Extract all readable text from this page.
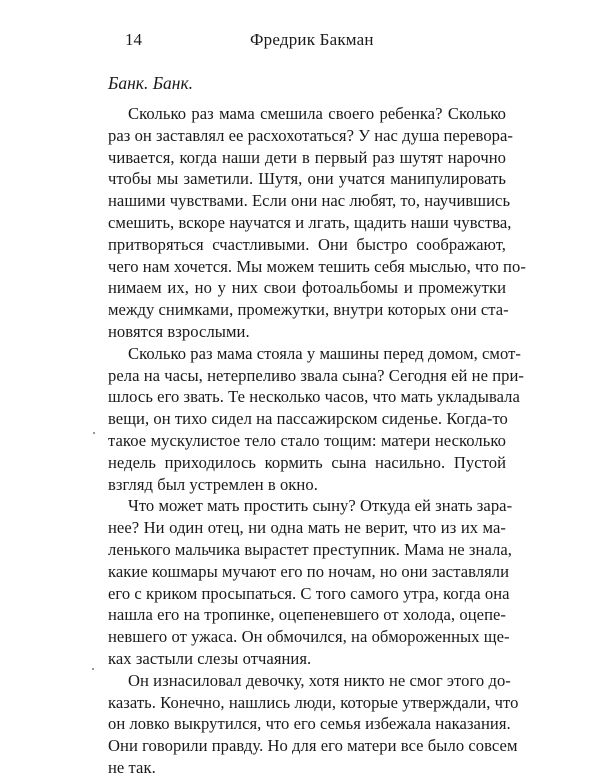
14	Фредрик Бакман
Банк. Банк.
Сколько раз мама смешила своего ребенка? Сколько
раз он заставлял ее расхохотаться? У нас душа перевора-
чивается, когда наши дети в первый раз шутят нарочно
чтобы мы заметили. Шутя, они учатся манипулировать
нашими чувствами. Если они нас любят, то, научившись
смешить, вскоре научатся и лгать, щадить наши чувства,
притворяться счастливыми. Они быстро соображают,
чего нам хочется. Мы можем тешить себя мыслью, что по-
нимаем их, но у них свои фотоальбомы и промежутки
между снимками, промежутки, внутри которых они ста-
новятся взрослыми.
Сколько раз мама стояла у машины перед домом, смот-
рела на часы, нетерпеливо звала сына? Сегодня ей не при-
шлось его звать. Те несколько часов, что мать укладывала
вещи, он тихо сидел на пассажирском сиденье. Когда-то
такое мускулистое тело стало тощим: матери несколько
недель приходилось кормить сына насильно. Пустой
взгляд был устремлен в окно.
Что может мать простить сыну? Откуда ей знать зара-
нее? Ни один отец, ни одна мать не верит, что из их ма-
ленького мальчика вырастет преступник. Мама не знала,
какие кошмары мучают его по ночам, но они заставляли
его с криком просыпаться. С того самого утра, когда она
нашла его на тропинке, оцепеневшего от холода, оцепе-
невшего от ужаса. Он обмочился, на обмороженных ще-
ках застыли слезы отчаяния.
Он изнасиловал девочку, хотя никто не смог этого до-
казать. Конечно, нашлись люди, которые утверждали, что
он ловко выкрутился, что его семья избежала наказания.
Они говорили правду. Но для его матери все было совсем
не так.
